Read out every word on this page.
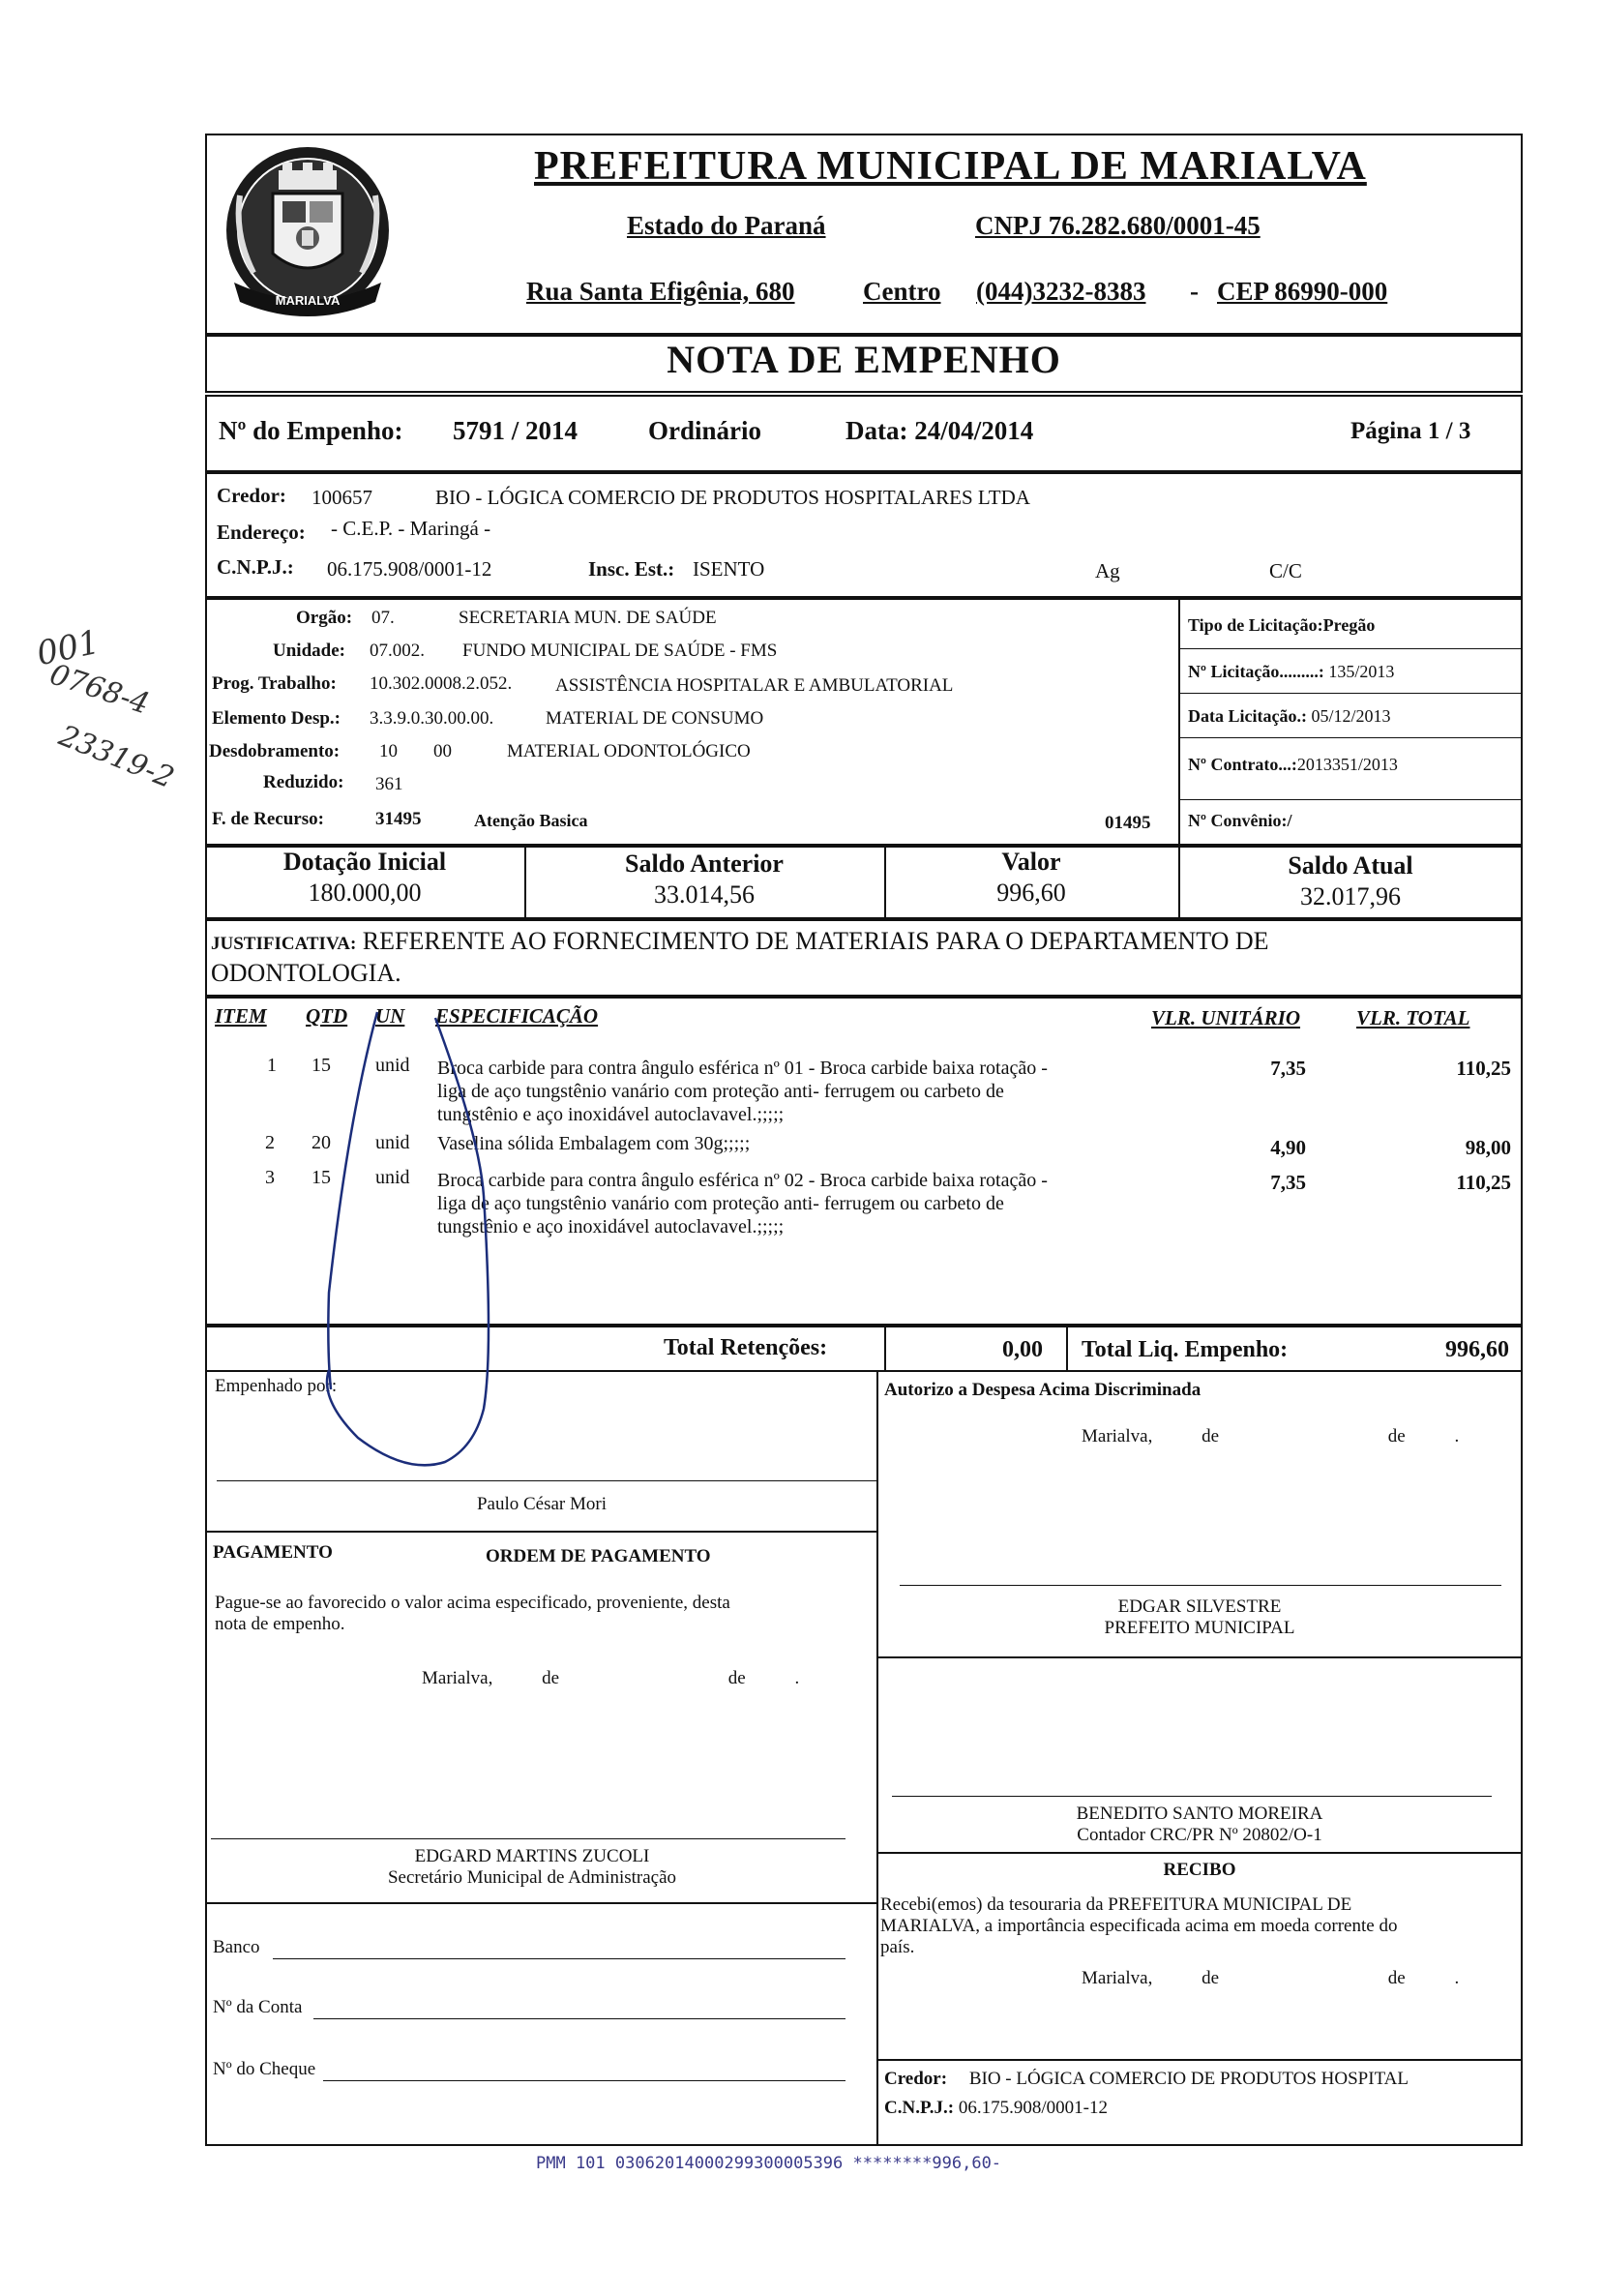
001
0768-4
23319-2
MARIALVA
PREFEITURA MUNICIPAL DE MARIALVA
Estado do Paraná	CNPJ 76.282.680/0001-45
Rua Santa Efigênia, 680	Centro (044)3232-8383 - CEP 86990-000
NOTA DE EMPENHO
Nº do Empenho: 5791 / 2014	Ordinário	Data: 24/04/2014	Página 1 / 3
Credor: 100657	BIO - LÓGICA COMERCIO DE PRODUTOS HOSPITALARES LTDA
Endereço: - C.E.P. - Maringá -
C.N.P.J.: 06.175.908/0001-12	Insc. Est.: ISENTO	Ag	C/C
Orgão: 07.	SECRETARIA MUN. DE SAÚDE
Unidade: 07.002. FUNDO MUNICIPAL DE SAÚDE - FMS
Prog. Trabalho: 10.302.0008.2.052. ASSISTÊNCIA HOSPITALAR E AMBULATORIAL
Elemento Desp.: 3.3.9.0.30.00.00.	MATERIAL DE CONSUMO
Desdobramento: 10 00	MATERIAL ODONTOLÓGICO
Reduzido: 361
F. de Recurso:	31495	Atenção Basica	01495
Tipo de Licitação:Pregão
Nº Licitação.........: 135/2013
Data Licitação.: 05/12/2013
Nº Contrato...:2013351/2013
Nº Convênio:/
Dotação Inicial
180.000,00
Saldo Anterior
33.014,56
Valor
996,60
Saldo Atual
32.017,96
JUSTIFICATIVA: REFERENTE AO FORNECIMENTO DE MATERIAIS PARA O DEPARTAMENTO DE
ODONTOLOGIA.
ITEM QTD UN ESPECIFICAÇÃO	VLR. UNITÁRIO	VLR. TOTAL
1 15 unid Broca carbide para contra ângulo esférica nº 01 - Broca carbide baixa rotação -
liga de aço tungstênio vanário com proteção anti- ferrugem ou carbeto de
tungstênio e aço inoxidável autoclavavel.;;;;;
7,35	110,25
2 20 unid Vaselina sólida Embalagem com 30g;;;;;	4,90	98,00
3 15 unid Broca carbide para contra ângulo esférica nº 02 - Broca carbide baixa rotação -
liga de aço tungstênio vanário com proteção anti- ferrugem ou carbeto de
tungstênio e aço inoxidável autoclavavel.;;;;;
7,35	110,25
Total Retenções:	0,00 Total Liq. Empenho:	996,60
Empenhado por:
Paulo César Mori
Autorizo a Despesa Acima Discriminada
Marialva,	de	de	.
EDGAR SILVESTRE
PREFEITO MUNICIPAL
PAGAMENTO	ORDEM DE PAGAMENTO
Pague-se ao favorecido o valor acima especificado, proveniente, desta
nota de empenho.
Marialva,	de	de	.
BENEDITO SANTO MOREIRA
Contador CRC/PR Nº 20802/O-1
EDGARD MARTINS ZUCOLI
Secretário Municipal de Administração	RECIBO
Recebi(emos) da tesouraria da PREFEITURA MUNICIPAL DE
MARIALVA, a importância especificada acima em moeda corrente do
país.
Marialva,	de	de	.
Banco
Nº da Conta
Nº do Cheque	Credor: BIO - LÓGICA COMERCIO DE PRODUTOS HOSPITAL
C.N.P.J.: 06.175.908/0001-12
PMM 101 03062014000299300005396 ********996,60-
